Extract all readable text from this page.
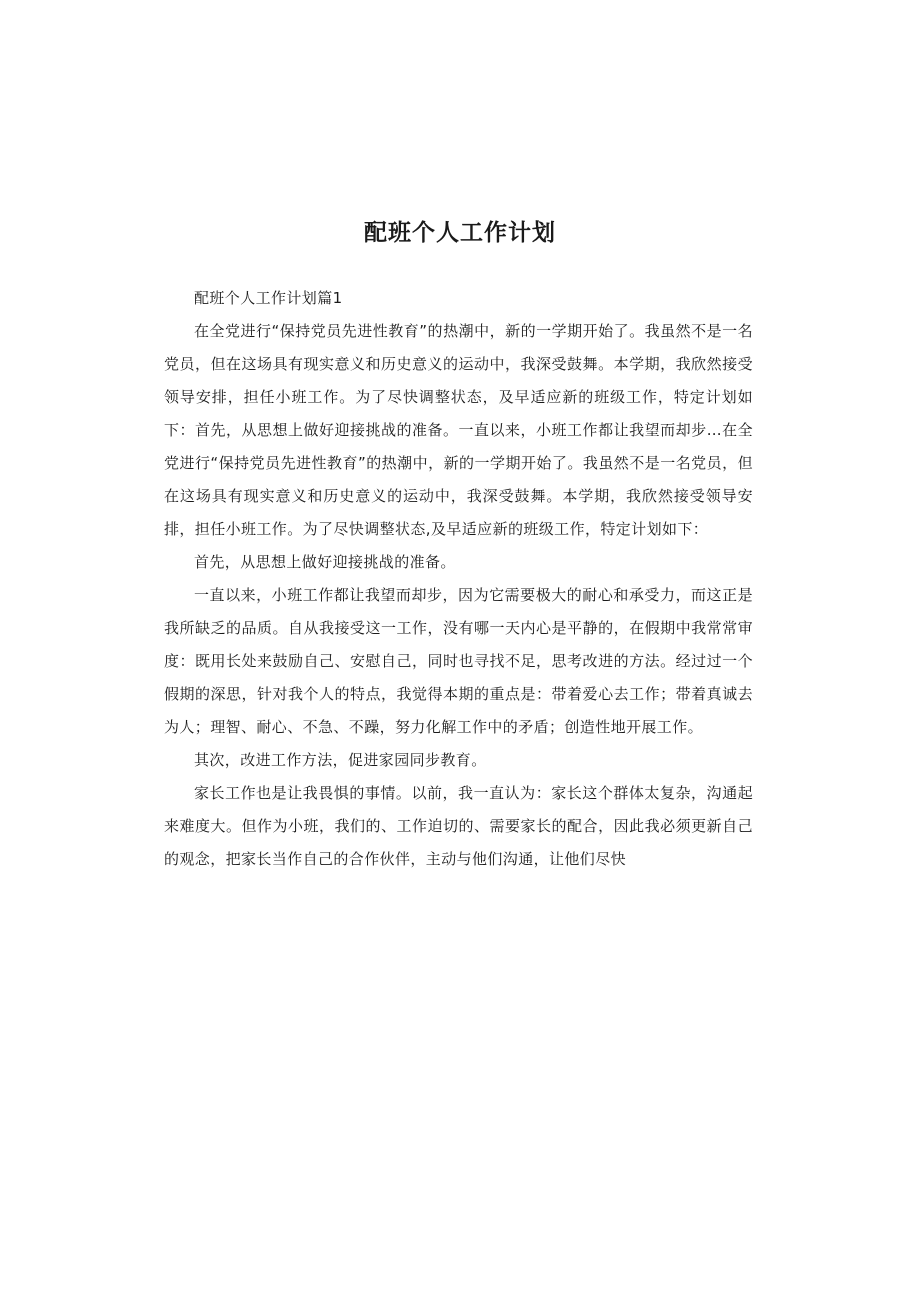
配班个人工作计划

配班个人工作计划篇1

在全党进行“保持党员先进性教育”的热潮中，新的一学期开始了。我虽然不是一名党员，但在这场具有现实意义和历史意义的运动中，我深受鼓舞。本学期，我欣然接受领导安排，担任小班工作。为了尽快调整状态，及早适应新的班级工作，特定计划如下：首先，从思想上做好迎接挑战的准备。一直以来，小班工作都让我望而却步…在全党进行“保持党员先进性教育”的热潮中，新的一学期开始了。我虽然不是一名党员，但在这场具有现实意义和历史意义的运动中，我深受鼓舞。本学期，我欣然接受领导安排，担任小班工作。为了尽快调整状态,及早适应新的班级工作，特定计划如下：

首先，从思想上做好迎接挑战的准备。

一直以来，小班工作都让我望而却步，因为它需要极大的耐心和承受力，而这正是我所缺乏的品质。自从我接受这一工作，没有哪一天内心是平静的，在假期中我常常审度：既用长处来鼓励自己、安慰自己，同时也寻找不足，思考改进的方法。经过过一个假期的深思，针对我个人的特点，我觉得本期的重点是：带着爱心去工作；带着真诚去为人；理智、耐心、不急、不躁，努力化解工作中的矛盾；创造性地开展工作。

其次，改进工作方法，促进家园同步教育。

家长工作也是让我畏惧的事情。以前，我一直认为：家长这个群体太复杂，沟通起来难度大。但作为小班，我们的、工作迫切的、需要家长的配合，因此我必须更新自己的观念，把家长当作自己的合作伙伴，主动与他们沟通，让他们尽快
